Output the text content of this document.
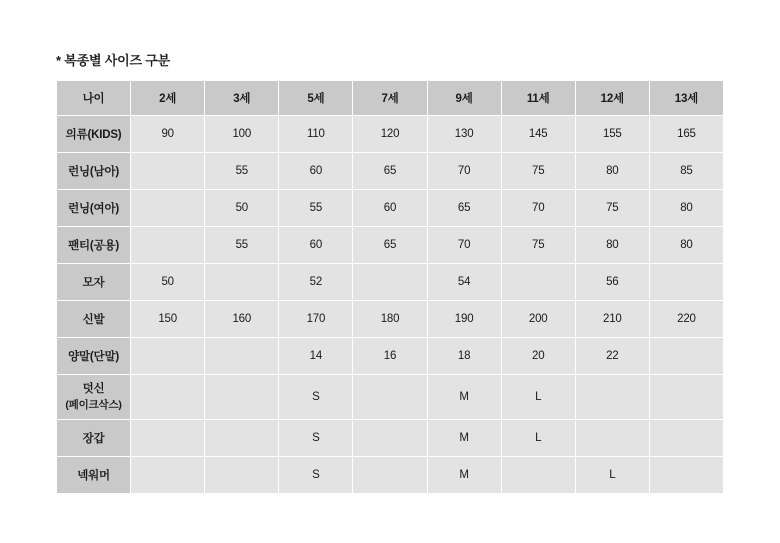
* 복종별 사이즈 구분
나이	2세	3세	5세	7세	9세	11세	12세	13세
의류(KIDS)	90	100	110	120	130	145	155	165
런닝(남아)		55	60	65	70	75	80	85
런닝(여아)		50	55	60	65	70	75	80
팬티(공용)		55	60	65	70	75	80	80
모자	50		52		54		56	
신발	150	160	170	180	190	200	210	220
양말(단말)			14	16	18	20	22	

덧신
(페이크삭스)			S		M	L		
장갑			S		M	L		
넥워머			S		M		L	
